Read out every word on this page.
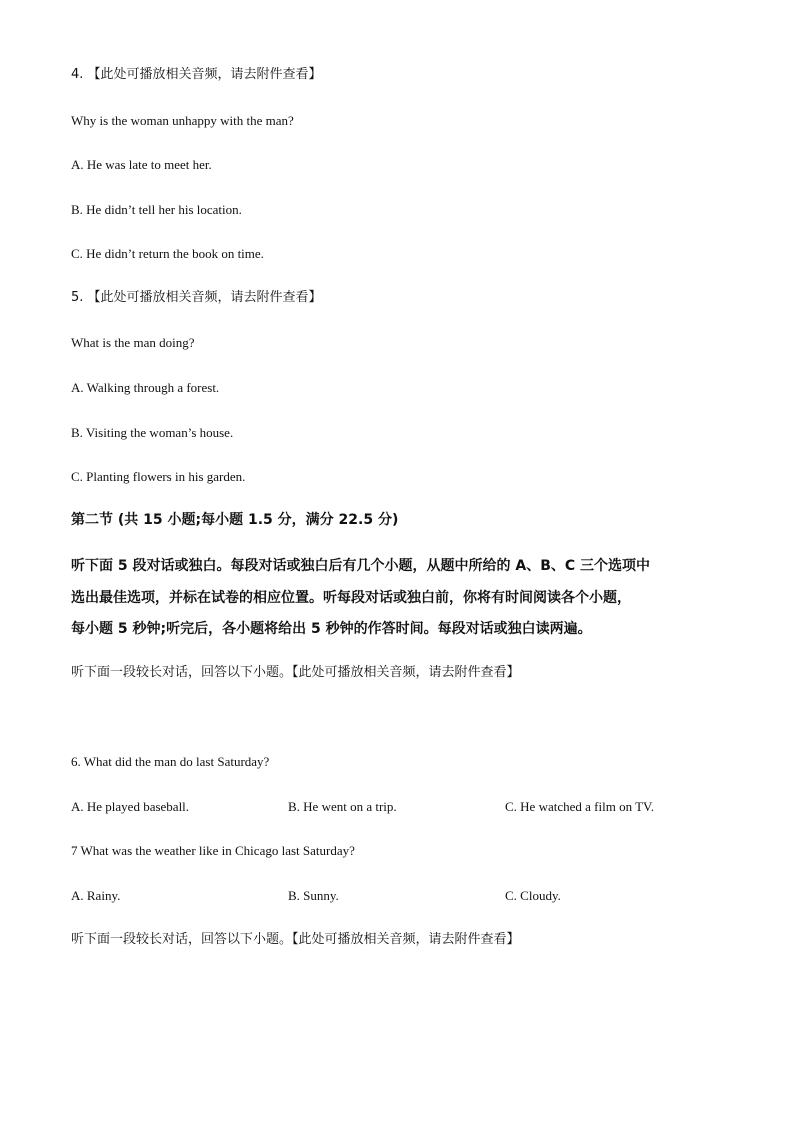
4. 【此处可播放相关音频，请去附件查看】
Why is the woman unhappy with the man?
A. He was late to meet her.
B. He didn’t tell her his location.
C. He didn’t return the book on time.
5. 【此处可播放相关音频，请去附件查看】
What is the man doing?
A. Walking through a forest.
B. Visiting the woman’s house.
C. Planting flowers in his garden.
第二节 (共 15 小题;每小题 1.5 分，满分 22.5 分)
听下面 5 段对话或独白。每段对话或独白后有几个小题，从题中所给的 A、B、C 三个选项中
选出最佳选项，并标在试卷的相应位置。听每段对话或独白前，你将有时间阅读各个小题，
每小题 5 秒钟;听完后，各小题将给出 5 秒钟的作答时间。每段对话或独白读两遍。
听下面一段较长对话，回答以下小题。【此处可播放相关音频，请去附件查看】
6. What did the man do last Saturday?
A. He played baseball.	B. He went on a trip.	C. He watched a film on TV.
7 What was the weather like in Chicago last Saturday?
A. Rainy.	B. Sunny.	C. Cloudy.
听下面一段较长对话，回答以下小题。【此处可播放相关音频，请去附件查看】
